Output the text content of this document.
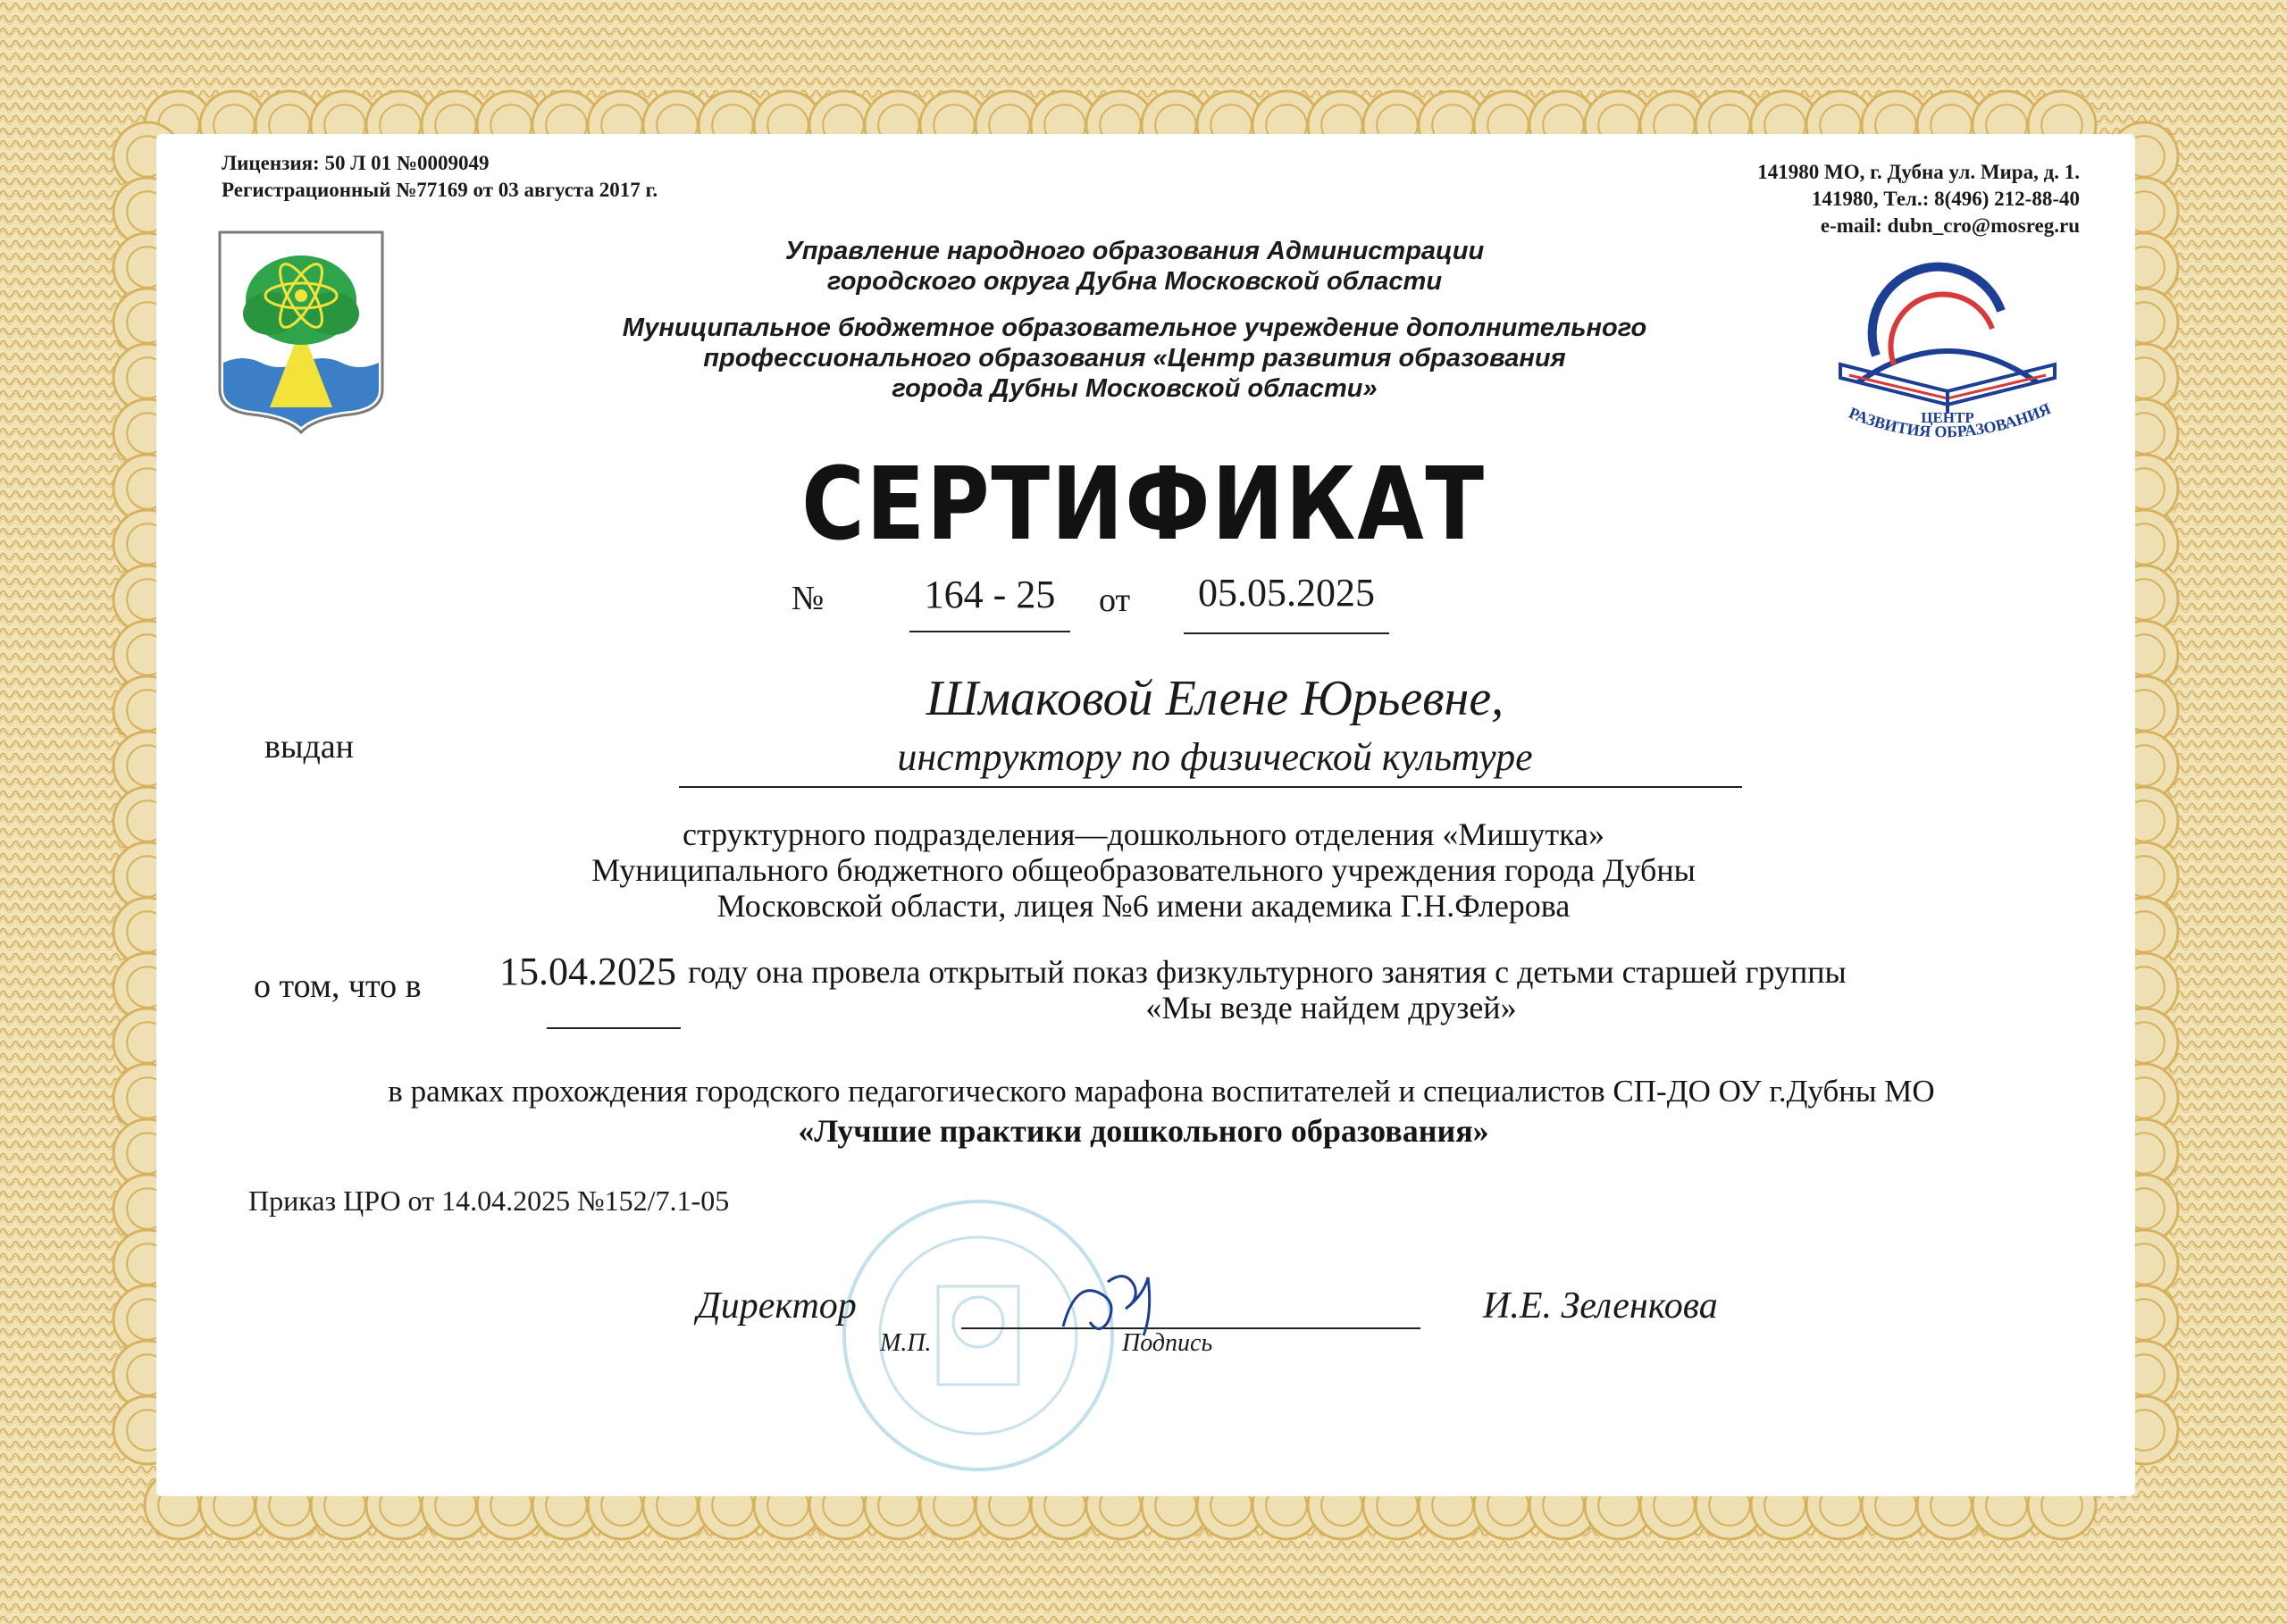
Лицензия: 50 Л 01 №0009049
Регистрационный №77169 от 03 августа 2017 г.
141980 МО, г. Дубна ул. Мира, д. 1.
141980, Тел.: 8(496) 212-88-40
e-mail: dubn_cro@mosreg.ru
Управление народного образования Администрации
городского округа Дубна Московской области
Муниципальное бюджетное образовательное учреждение дополнительного
профессионального образования «Центр развития образования
города Дубны Московской области»
РАЗВИТИЯ ОБРАЗОВАНИЯ
ЦЕНТР
СЕРТИФИКАТ
№	164 - 25	от	05.05.2025
выдан
Шмаковой Елене Юрьевне,
инструктору по физической культуре
структурного подразделения—дошкольного отделения «Мишутка»
Муниципального бюджетного общеобразовательного учреждения города Дубны
Московской области, лицея №6 имени академика Г.Н.Флерова
о том, что в 15.04.2025 году она провела открытый показ физкультурного занятия с детьми старшей группы
«Мы везде найдем друзей»
в рамках прохождения городского педагогического марафона воспитателей и специалистов СП-ДО ОУ г.Дубны МО
«Лучшие практики дошкольного образования»
Приказ ЦРО от 14.04.2025 №152/7.1-05
Директор
М.П.	Подпись
И.Е. Зеленкова
